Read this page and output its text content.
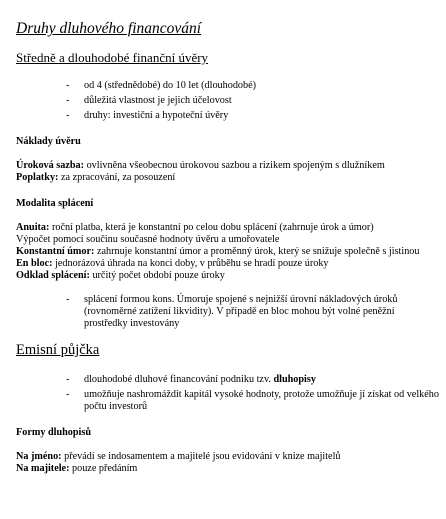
Druhy dluhového financování
Středně a dlouhodobé finanční úvěry
- od 4 (střednědobé) do 10 let (dlouhodobé)
- důležitá vlastnost je jejich účelovost
- druhy: investiční a hypoteční úvěry
Náklady úvěru

Úroková sazba: ovlivněna všeobecnou úrokovou sazbou a rizikem spojeným s dlužníkem

Poplatky: za zpracování, za posouzení

Modalita splácení

Anuita: roční platba, která je konstantní po celou dobu splácení (zahrnuje úrok a úmor)

Výpočet pomocí součinu současné hodnoty úvěru a umořovatele

Konstantní úmor: zahrnuje konstantní úmor a proměnný úrok, který se snižuje společně s jistinou

En bloc: jednorázová úhrada na konci doby, v průběhu se hradí pouze úroky

Odklad splácení: určitý počet období pouze úroky

- splácení formou kons. Úmoruje spojené s nejnižší úrovní nákladových úroků (rovnoměrné zatížení likvidity). V případě en bloc mohou být volné peněžní prostředky investovány
Emisní půjčka
- dlouhodobé dluhové financování podniku tzv. dluhopisy
- umožňuje nashromáždit kapitál vysoké hodnoty, protože umožňuje jí získat od velkého počtu investorů
Formy dluhopisů

Na jméno: převádí se indosamentem a majitelé jsou evidováni v knize majitelů

Na majitele: pouze předáním
